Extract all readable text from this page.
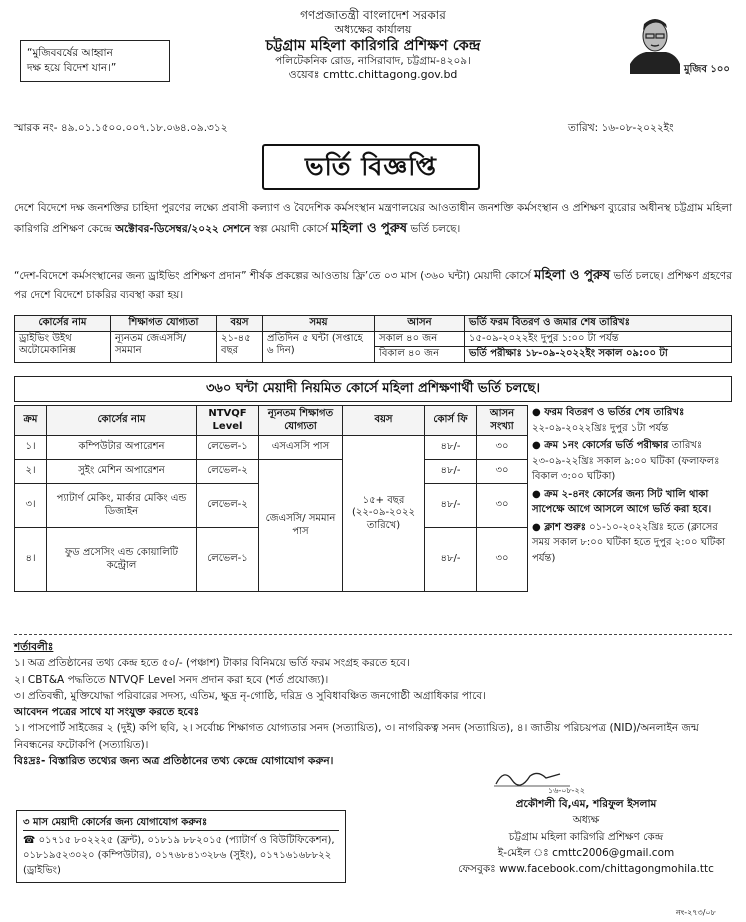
“মুজিববর্ষের আহ্বান
দক্ষ হয়ে বিদেশ যান।”
গণপ্রজাতন্ত্রী বাংলাদেশ সরকার
অধ্যক্ষের কার্যালয়
চট্টগ্রাম মহিলা কারিগরি প্রশিক্ষণ কেন্দ্র
পলিটেকনিক রোড, নাসিরাবাদ, চট্টগ্রাম-৪২০৯।
ওয়েবঃ cmttc.chittagong.gov.bd	মুজিব ১০০
স্মারক নং- ৪৯.০১.১৫০০.০০৭.১৮.০৬৪.০৯.৩১২	তারিখ: ১৬-০৮-২০২২ইং
ভর্তি বিজ্ঞপ্তি
দেশে বিদেশে দক্ষ জনশক্তির চাহিদা পুরণের লক্ষ্যে প্রবাসী কল্যাণ ও বৈদেশিক কর্মসংস্থান মন্ত্রণালয়ের আওতাধীন জনশক্তি কর্মসংস্থান ও প্রশিক্ষণ ব্যুরোর অধীনস্থ চট্টগ্রাম মহিলা কারিগরি প্রশিক্ষণ কেন্দ্রে অক্টোবর-ডিসেম্বর/২০২২ সেশনে স্বল্প মেয়াদী কোর্সে মহিলা ও পুরুষ ভর্তি চলছে।
“দেশ-বিদেশে কর্মসংস্থানের জন্য ড্রাইভিং প্রশিক্ষণ প্রদান” শীর্ষক প্রকল্পের আওতায় ফ্রি’তে ০৩ মাস (৩৬০ ঘন্টা) মেয়াদী কোর্সে মহিলা ও পুরুষ ভর্তি চলছে। প্রশিক্ষণ গ্রহণের পর দেশে বিদেশে চাকরির ব্যবস্থা করা হয়।
কোর্সের নাম	শিক্ষাগত যোগ্যতা	বয়স	সময়	আসন	ভর্তি ফরম বিতরণ ও জমার শেষ তারিখঃ
ড্রাইভিং উইথ অটোমেকানিক্স	ন্যূনতম জেএসসি/ সমমান	২১-৪৫ বছর	প্রতিদিন ৫ ঘন্টা (সপ্তাহে ৬ দিন)	সকাল ৪০ জন	১৫-০৯-২০২২ইং দুপুর ১:০০ টা পর্যন্ত
				বিকাল ৪০ জন	ভর্তি পরীক্ষাঃ ১৮-০৯-২০২২ইং সকাল ০৯:০০ টা
৩৬০ ঘন্টা মেয়াদী নিয়মিত কোর্সে মহিলা প্রশিক্ষণার্থী ভর্তি চলছে।
ক্রম	কোর্সের নাম	NTVQF Level	ন্যূনতম শিক্ষাগত যোগ্যতা	বয়স	কোর্স ফি	আসন সংখ্যা
১।	কম্পিউটার অপারেশন	লেভেল-১	এসএসসি পাস	১৫+ বছর (২২-০৯-২০২২ তারিখে)	৪৮/-	৩০
২।	সুইং মেশিন অপারেশন	লেভেল-২	জেএসসি/ সমমান পাস		৪৮/-	৩০
৩।	প্যাটার্ণ মেকিং, মার্কার মেকিং এন্ড ডিজাইন	লেভেল-২			৪৮/-	৩০
৪।	ফুড প্রসেসিং এন্ড কোয়ালিটি কন্ট্রোল	লেভেল-১			৪৮/-	৩০
● ফরম বিতরণ ও ভর্তির শেষ তারিখঃ ২২-০৯-২০২২খ্রিঃ দুপুর ১টা পর্যন্ত
● ক্রম ১নং কোর্সের ভর্তি পরীক্ষার তারিখঃ ২৩-০৯-২২খ্রিঃ সকাল ৯:০০ ঘটিকা (ফলাফলঃ বিকাল ৩:০০ ঘটিকা)
● ক্রম ২-৪নং কোর্সের জন্য সিট খালি থাকা সাপেক্ষে আগে আসলে আগে ভর্তি করা হবে।
● ক্লাশ শুরুঃ ০১-১০-২০২২খ্রিঃ হতে (ক্লাসের সময় সকাল ৮:০০ ঘটিকা হতে দুপুর ২:০০ ঘটিকা পর্যন্ত)
শর্তাবলীঃ
১। অত্র প্রতিষ্ঠানের তথ্য কেন্দ্র হতে ৫০/- (পঞ্চাশ) টাকার বিনিময়ে ভর্তি ফরম সংগ্রহ করতে হবে।
২। CBT&A পদ্ধতিতে NTVQF Level সনদ প্রদান করা হবে (শর্ত প্রযোজ্য)।
৩। প্রতিবন্ধী, মুক্তিযোদ্ধা পরিবারের সদস্য, এতিম, ক্ষুদ্র নৃ-গোষ্ঠি, দরিদ্র ও সুবিধাবঞ্চিত জনগোষ্ঠী অগ্রাধিকার পাবে।
আবেদন পত্রের সাথে যা সংযুক্ত করতে হবেঃ
১। পাসপোর্ট সাইজের ২ (দুই) কপি ছবি, ২। সর্বোচ্চ শিক্ষাগত যোগ্যতার সনদ (সত্যায়িত), ৩। নাগরিকত্ব সনদ (সত্যায়িত), ৪। জাতীয় পরিচয়পত্র (NID)/অনলাইন জন্ম নিবন্ধনের ফটোকপি (সত্যায়িত)।
বিঃদ্রঃ- বিস্তারিত তথ্যের জন্য অত্র প্রতিষ্ঠানের তথ্য কেন্দ্রে যোগাযোগ করুন।
১৬-০৮-২২
প্রকৌশলী বি,এম, শরিফুল ইসলাম
অধ্যক্ষ
চট্টগ্রাম মহিলা কারিগরি প্রশিক্ষণ কেন্দ্র
ই-মেইল ঃ cmttc2006@gmail.com
ফেসবুকঃ www.facebook.com/chittagongmohila.ttc
৩ মাস মেয়াদী কোর্সের জন্য যোগাযোগ করুনঃ
☎ ০১৭১৫ ৮০২২২৫ (ফ্রন্ট), ০১৮১৯ ৮৮২০১৫ (প্যাটার্ণ ও বিউটিফিকেশন), ০১৮১৯৫২৩০২০ (কম্পিউটার), ০১৭৬৮৪১৩২৮৬ (সুইং), ০১৭১৬১৬৮৮২২ (ড্রাইভিং)
নং-২৭৩/০৮
